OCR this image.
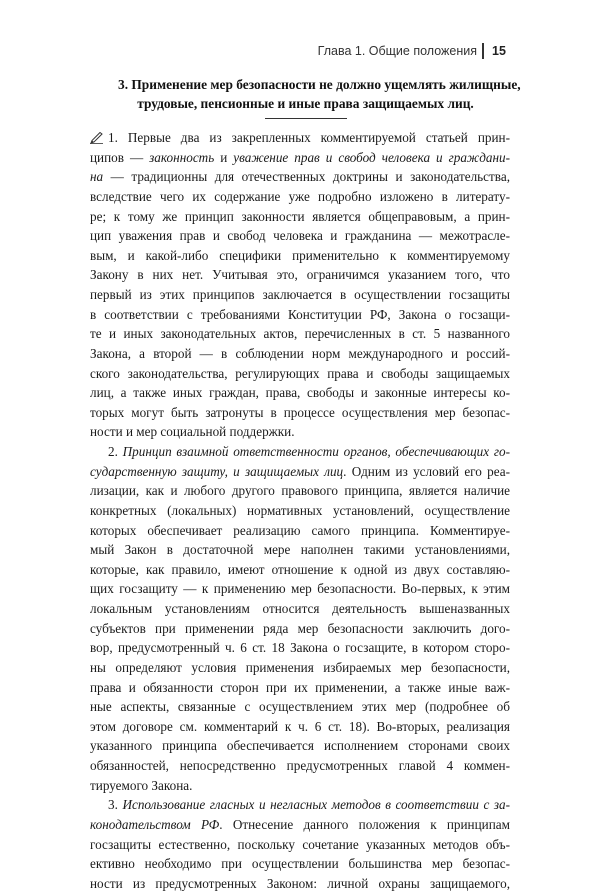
Глава 1. Общие положения 15
3. Применение мер безопасности не должно ущемлять жилищные,
трудовые, пенсионные и иные права защищаемых лиц.
1. Первые два из закрепленных комментируемой статьей прин-
ципов — законность и уважение прав и свобод человека и граждани-
на — традиционны для отечественных доктрины и законодательства,
вследствие чего их содержание уже подробно изложено в литерату-
ре; к тому же принцип законности является общеправовым, а прин-
цип уважения прав и свобод человека и гражданина — межотрасле-
вым, и какой-либо специфики применительно к комментируемому
Закону в них нет. Учитывая это, ограничимся указанием того, что
первый из этих принципов заключается в осуществлении госзащиты
в соответствии с требованиями Конституции РФ, Закона о госзащи-
те и иных законодательных актов, перечисленных в ст. 5 названного
Закона, а второй — в соблюдении норм международного и россий-
ского законодательства, регулирующих права и свободы защищаемых
лиц, а также иных граждан, права, свободы и законные интересы ко-
торых могут быть затронуты в процессе осуществления мер безопас-
ности и мер социальной поддержки.
2. Принцип взаимной ответственности органов, обеспечивающих го-
сударственную защиту, и защищаемых лиц. Одним из условий его реа-
лизации, как и любого другого правового принципа, является наличие
конкретных (локальных) нормативных установлений, осуществление
которых обеспечивает реализацию самого принципа. Комментируе-
мый Закон в достаточной мере наполнен такими установлениями,
которые, как правило, имеют отношение к одной из двух составляю-
щих госзащиту — к применению мер безопасности. Во-первых, к этим
локальным установлениям относится деятельность вышеназванных
субъектов при применении ряда мер безопасности заключить дого-
вор, предусмотренный ч. 6 ст. 18 Закона о госзащите, в котором сторо-
ны определяют условия применения избираемых мер безопасности,
права и обязанности сторон при их применении, а также иные важ-
ные аспекты, связанные с осуществлением этих мер (подробнее об
этом договоре см. комментарий к ч. 6 ст. 18). Во-вторых, реализация
указанного принципа обеспечивается исполнением сторонами своих
обязанностей, непосредственно предусмотренных главой 4 коммен-
тируемого Закона.
3. Использование гласных и негласных методов в соответствии с за-
конодательством РФ. Отнесение данного положения к принципам
госзащиты естественно, поскольку сочетание указанных методов объ-
ективно необходимо при осуществлении большинства мер безопас-
ности из предусмотренных Законом: личной охраны защищаемого,
